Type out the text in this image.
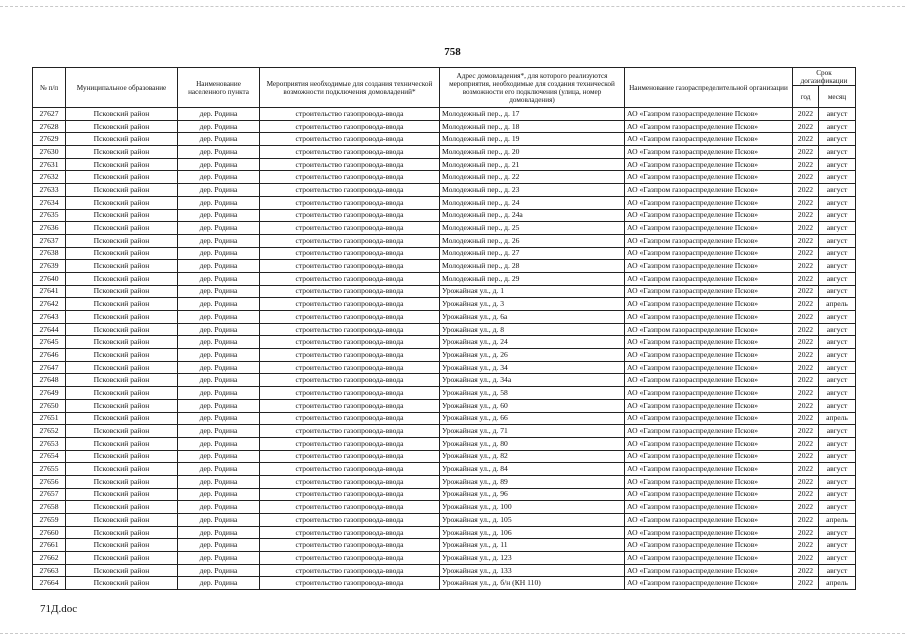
758
№ п/п	Муниципальное образование	Наименование населенного пункта	Мероприятия необходимые для создания технической возможности подключения домовладений*	Адрес домовладения*, для которого реализуются мероприятия, необходимые для создания технической возможности его подключения (улица, номер домовладения)	Наименование газораспределительной организации	Срок догазификации	
						год	месяц
27627	Псковский район	дер. Родина	строительство газопровода-ввода	Молодежный пер., д. 17	АО «Газпром газораспределение Псков»	2022	август
27628	Псковский район	дер. Родина	строительство газопровода-ввода	Молодежный пер., д. 18	АО «Газпром газораспределение Псков»	2022	август
27629	Псковский район	дер. Родина	строительство газопровода-ввода	Молодежный пер., д. 19	АО «Газпром газораспределение Псков»	2022	август
27630	Псковский район	дер. Родина	строительство газопровода-ввода	Молодежный пер., д. 20	АО «Газпром газораспределение Псков»	2022	август
27631	Псковский район	дер. Родина	строительство газопровода-ввода	Молодежный пер., д. 21	АО «Газпром газораспределение Псков»	2022	август
27632	Псковский район	дер. Родина	строительство газопровода-ввода	Молодежный пер., д. 22	АО «Газпром газораспределение Псков»	2022	август
27633	Псковский район	дер. Родина	строительство газопровода-ввода	Молодежный пер., д. 23	АО «Газпром газораспределение Псков»	2022	август
27634	Псковский район	дер. Родина	строительство газопровода-ввода	Молодежный пер., д. 24	АО «Газпром газораспределение Псков»	2022	август
27635	Псковский район	дер. Родина	строительство газопровода-ввода	Молодежный пер., д. 24а	АО «Газпром газораспределение Псков»	2022	август
27636	Псковский район	дер. Родина	строительство газопровода-ввода	Молодежный пер., д. 25	АО «Газпром газораспределение Псков»	2022	август
27637	Псковский район	дер. Родина	строительство газопровода-ввода	Молодежный пер., д. 26	АО «Газпром газораспределение Псков»	2022	август
27638	Псковский район	дер. Родина	строительство газопровода-ввода	Молодежный пер., д. 27	АО «Газпром газораспределение Псков»	2022	август
27639	Псковский район	дер. Родина	строительство газопровода-ввода	Молодежный пер., д. 28	АО «Газпром газораспределение Псков»	2022	август
27640	Псковский район	дер. Родина	строительство газопровода-ввода	Молодежный пер., д. 29	АО «Газпром газораспределение Псков»	2022	август
27641	Псковский район	дер. Родина	строительство газопровода-ввода	Урожайная ул., д. 1	АО «Газпром газораспределение Псков»	2022	август
27642	Псковский район	дер. Родина	строительство газопровода-ввода	Урожайная ул., д. 3	АО «Газпром газораспределение Псков»	2022	апрель
27643	Псковский район	дер. Родина	строительство газопровода-ввода	Урожайная ул., д. 6а	АО «Газпром газораспределение Псков»	2022	август
27644	Псковский район	дер. Родина	строительство газопровода-ввода	Урожайная ул., д. 8	АО «Газпром газораспределение Псков»	2022	август
27645	Псковский район	дер. Родина	строительство газопровода-ввода	Урожайная ул., д. 24	АО «Газпром газораспределение Псков»	2022	август
27646	Псковский район	дер. Родина	строительство газопровода-ввода	Урожайная ул., д. 26	АО «Газпром газораспределение Псков»	2022	август
27647	Псковский район	дер. Родина	строительство газопровода-ввода	Урожайная ул., д. 34	АО «Газпром газораспределение Псков»	2022	август
27648	Псковский район	дер. Родина	строительство газопровода-ввода	Урожайная ул., д. 34а	АО «Газпром газораспределение Псков»	2022	август
27649	Псковский район	дер. Родина	строительство газопровода-ввода	Урожайная ул., д. 58	АО «Газпром газораспределение Псков»	2022	август
27650	Псковский район	дер. Родина	строительство газопровода-ввода	Урожайная ул., д. 60	АО «Газпром газораспределение Псков»	2022	август
27651	Псковский район	дер. Родина	строительство газопровода-ввода	Урожайная ул., д. 66	АО «Газпром газораспределение Псков»	2022	апрель
27652	Псковский район	дер. Родина	строительство газопровода-ввода	Урожайная ул., д. 71	АО «Газпром газораспределение Псков»	2022	август
27653	Псковский район	дер. Родина	строительство газопровода-ввода	Урожайная ул., д. 80	АО «Газпром газораспределение Псков»	2022	август
27654	Псковский район	дер. Родина	строительство газопровода-ввода	Урожайная ул., д. 82	АО «Газпром газораспределение Псков»	2022	август
27655	Псковский район	дер. Родина	строительство газопровода-ввода	Урожайная ул., д. 84	АО «Газпром газораспределение Псков»	2022	август
27656	Псковский район	дер. Родина	строительство газопровода-ввода	Урожайная ул., д. 89	АО «Газпром газораспределение Псков»	2022	август
27657	Псковский район	дер. Родина	строительство газопровода-ввода	Урожайная ул., д. 96	АО «Газпром газораспределение Псков»	2022	август
27658	Псковский район	дер. Родина	строительство газопровода-ввода	Урожайная ул., д. 100	АО «Газпром газораспределение Псков»	2022	август
27659	Псковский район	дер. Родина	строительство газопровода-ввода	Урожайная ул., д. 105	АО «Газпром газораспределение Псков»	2022	апрель
27660	Псковский район	дер. Родина	строительство газопровода-ввода	Урожайная ул., д. 106	АО «Газпром газораспределение Псков»	2022	август
27661	Псковский район	дер. Родина	строительство газопровода-ввода	Урожайная ул., д. 11	АО «Газпром газораспределение Псков»	2022	август
27662	Псковский район	дер. Родина	строительство газопровода-ввода	Урожайная ул., д. 123	АО «Газпром газораспределение Псков»	2022	август
27663	Псковский район	дер. Родина	строительство газопровода-ввода	Урожайная ул., д. 133	АО «Газпром газораспределение Псков»	2022	август
27664	Псковский район	дер. Родина	строительство газопровода-ввода	Урожайная ул., д. б/н (КН 110)	АО «Газпром газораспределение Псков»	2022	апрель
71Д.doc
